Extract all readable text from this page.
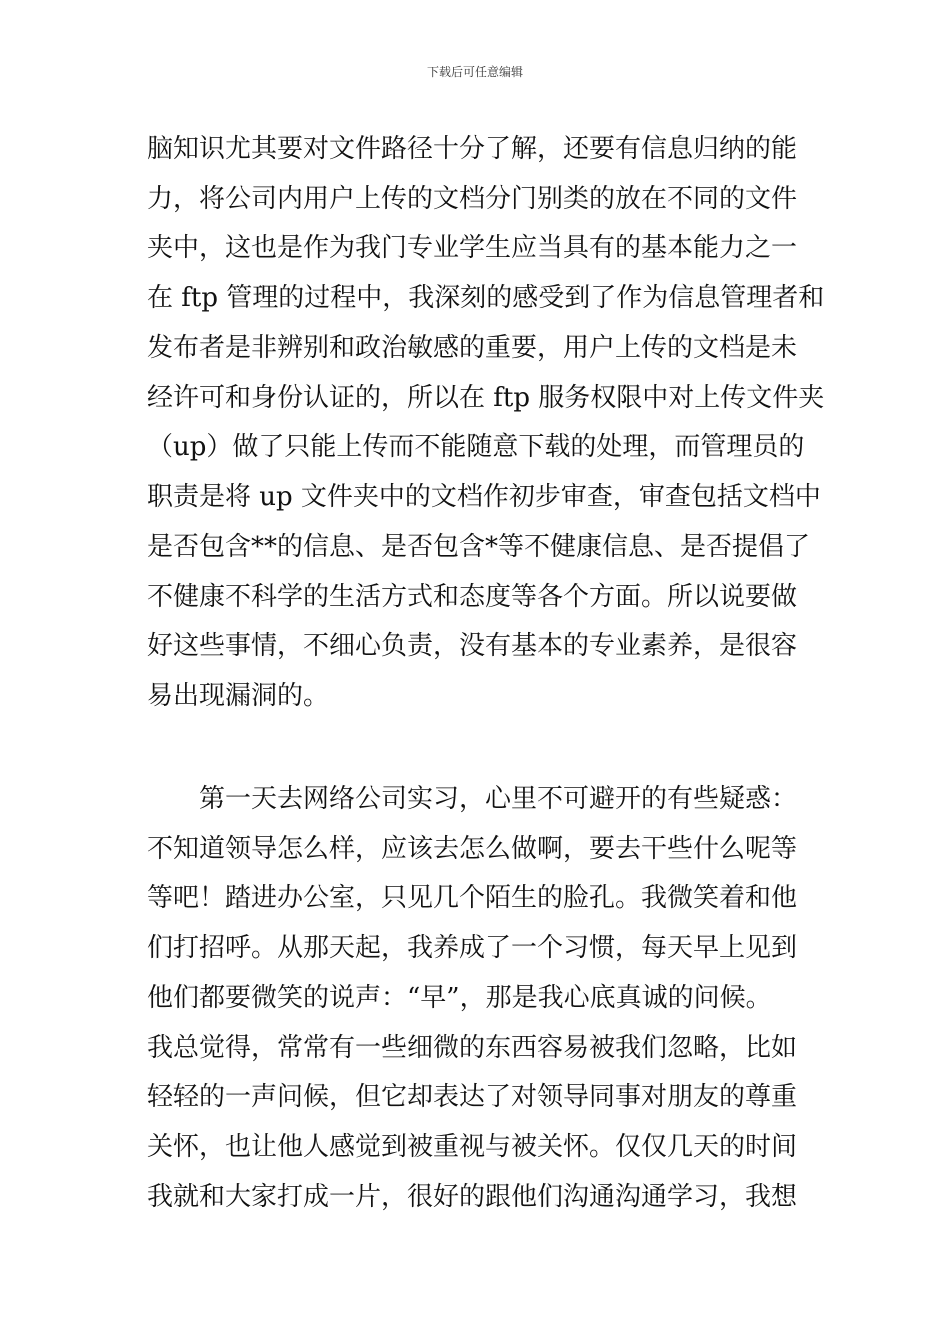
下载后可任意编辑
脑知识尤其要对文件路径十分了解，还要有信息归纳的能
力，将公司内用户上传的文档分门别类的放在不同的文件
夹中，这也是作为我门专业学生应当具有的基本能力之一
在 ftp 管理的过程中，我深刻的感受到了作为信息管理者和
发布者是非辨别和政治敏感的重要，用户上传的文档是未
经许可和身份认证的，所以在 ftp 服务权限中对上传文件夹
（up）做了只能上传而不能随意下载的处理，而管理员的
职责是将 up 文件夹中的文档作初步审查，审查包括文档中
是否包含**的信息、是否包含*等不健康信息、是否提倡了
不健康不科学的生活方式和态度等各个方面。所以说要做
好这些事情，不细心负责，没有基本的专业素养，是很容
易出现漏洞的。
第一天去网络公司实习，心里不可避开的有些疑惑：
不知道领导怎么样，应该去怎么做啊，要去干些什么呢等
等吧！踏进办公室，只见几个陌生的脸孔。我微笑着和他
们打招呼。从那天起，我养成了一个习惯，每天早上见到
他们都要微笑的说声：“早”，那是我心底真诚的问候。
我总觉得，常常有一些细微的东西容易被我们忽略，比如
轻轻的一声问候，但它却表达了对领导同事对朋友的尊重
关怀，也让他人感觉到被重视与被关怀。仅仅几天的时间
我就和大家打成一片，很好的跟他们沟通沟通学习，我想
